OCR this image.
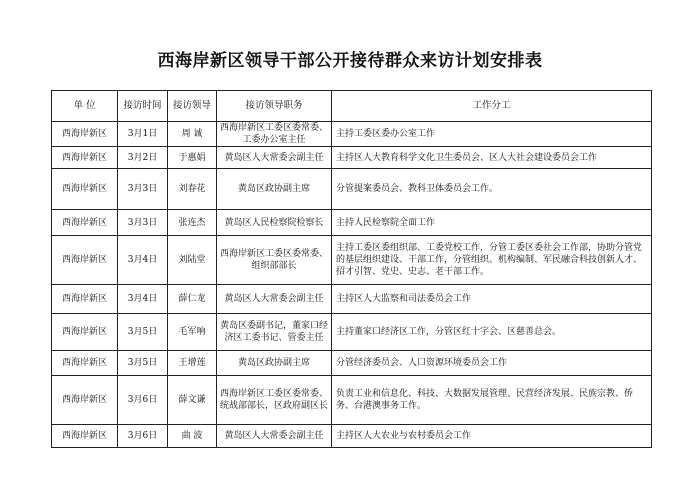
西海岸新区领导干部公开接待群众来访计划安排表
单 位	接访时间	接访领导	接访领导职务	工作分工
西海岸新区	3月1日	周 诚	西海岸新区工委区委常委、工委办公室主任	主持工委区委办公室工作
西海岸新区	3月2日	于惠娟	黄岛区人大常委会副主任	主持区人大教育科学文化卫生委员会、区人大社会建设委员会工作
西海岸新区	3月3日	刘春花	黄岛区政协副主席	分管提案委员会、教科卫体委员会工作。
西海岸新区	3月3日	张连杰	黄岛区人民检察院检察长	主持人民检察院全面工作
西海岸新区	3月4日	刘陆堂	西海岸新区工委区委常委、组织部部长	主持工委区委组织部、工委党校工作，分管工委区委社会工作部，协助分管党的基层组织建设、干部工作，分管组织、机构编制、军民融合科技创新人才、招才引智、党史、史志、老干部工作。
西海岸新区	3月4日	薛仁龙	黄岛区人大常委会副主任	主持区人大监察和司法委员会工作
西海岸新区	3月5日	毛军响	黄岛区委副书记，董家口经济区工委书记、管委主任	主持董家口经济区工作，分管区红十字会、区慈善总会。
西海岸新区	3月5日	王增莲	黄岛区政协副主席	分管经济委员会、人口资源环境委员会工作
西海岸新区	3月6日	薛文谦	西海岸新区工委区委常委、统战部部长，区政府副区长	负责工业和信息化、科技、大数据发展管理、民营经济发展、民族宗教、侨务、台港澳事务工作。
西海岸新区	3月6日	曲 波	黄岛区人大常委会副主任	主持区人大农业与农村委员会工作
